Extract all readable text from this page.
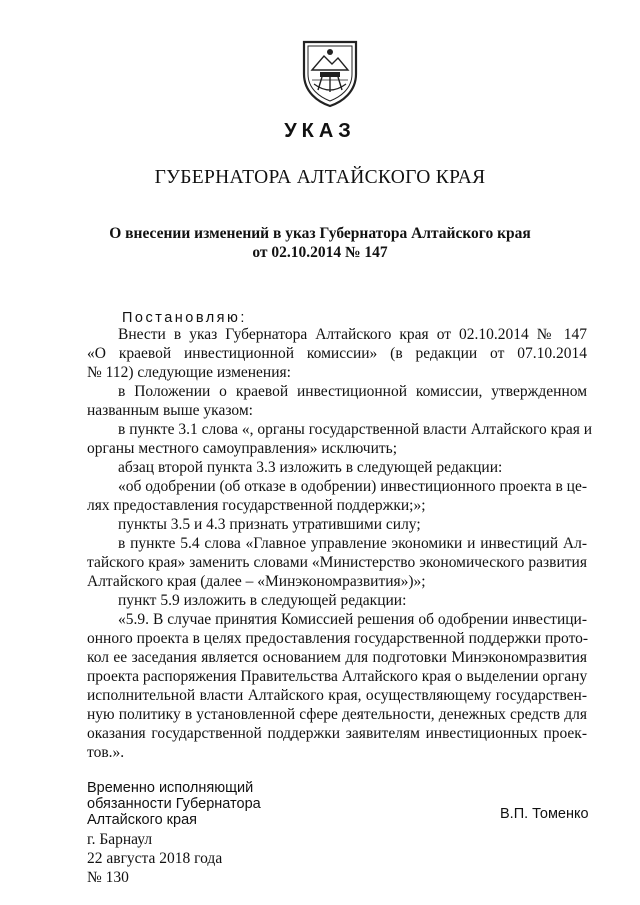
УКАЗ
ГУБЕРНАТОРА АЛТАЙСКОГО КРАЯ
О внесении изменений в указ Губернатора Алтайского края
от 02.10.2014 № 147
Постановляю:
Внести в указ Губернатора Алтайского края от 02.10.2014 № 147
«О краевой инвестиционной комиссии» (в редакции от 07.10.2014
№ 112) следующие изменения:
в Положении о краевой инвестиционной комиссии, утвержденном
названным выше указом:
в пункте 3.1 слова «, органы государственной власти Алтайского края и
органы местного самоуправления» исключить;
абзац второй пункта 3.3 изложить в следующей редакции:
«об одобрении (об отказе в одобрении) инвестиционного проекта в це-
лях предоставления государственной поддержки;»;
пункты 3.5 и 4.3 признать утратившими силу;
в пункте 5.4 слова «Главное управление экономики и инвестиций Ал-
тайского края» заменить словами «Министерство экономического развития
Алтайского края (далее – «Минэкономразвития»)»;
пункт 5.9 изложить в следующей редакции:
«5.9. В случае принятия Комиссией решения об одобрении инвестици-
онного проекта в целях предоставления государственной поддержки прото-
кол ее заседания является основанием для подготовки Минэкономразвития
проекта распоряжения Правительства Алтайского края о выделении органу
исполнительной власти Алтайского края, осуществляющему государствен-
ную политику в установленной сфере деятельности, денежных средств для
оказания государственной поддержки заявителям инвестиционных проек-
тов.».
Временно исполняющий
обязанности Губернатора
Алтайского края	В.П. Томенко
г. Барнаул
22 августа 2018 года
№ 130
